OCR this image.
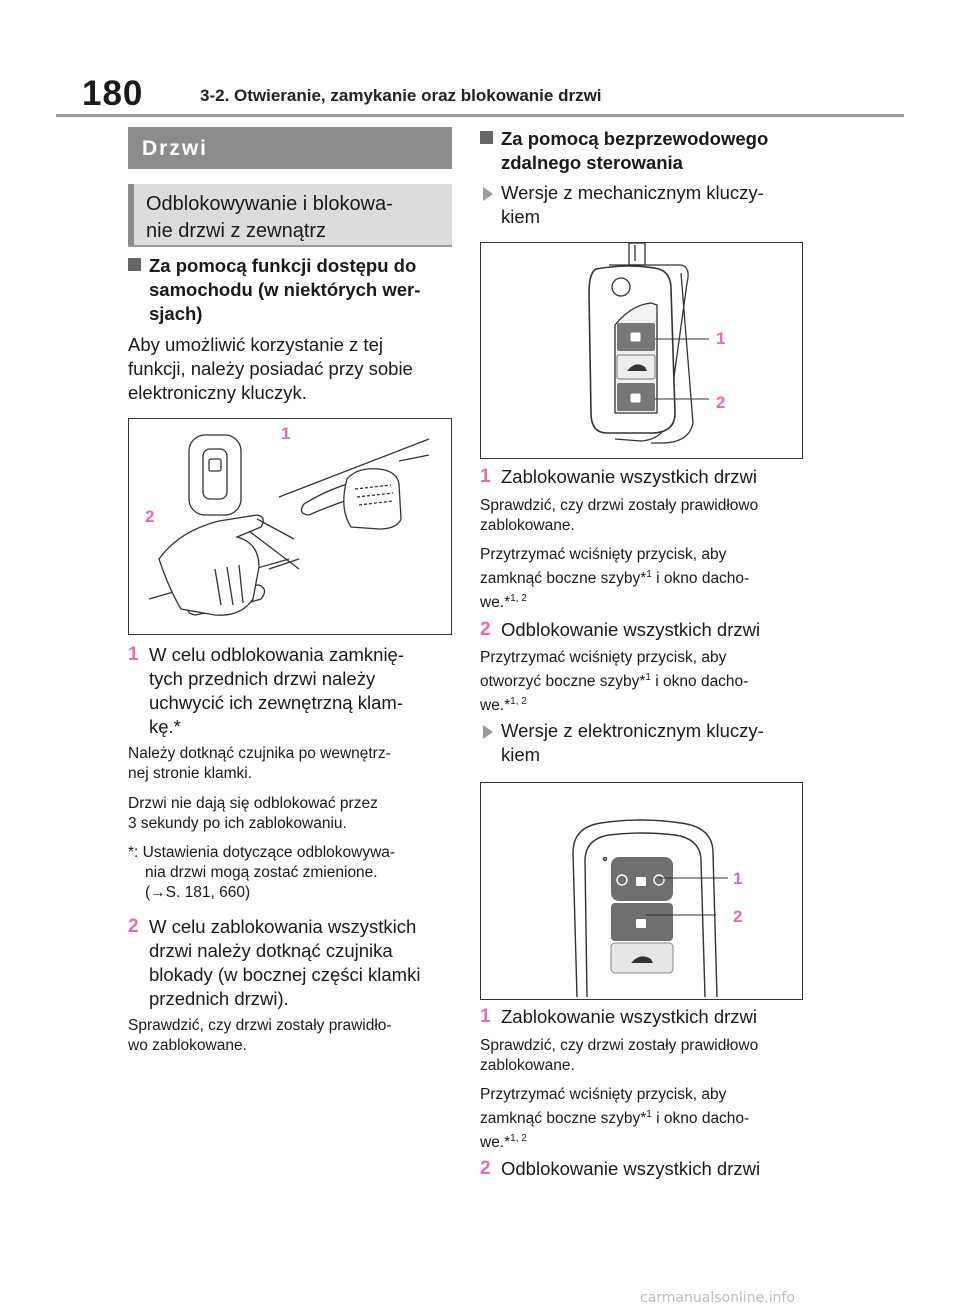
180	3-2. Otwieranie, zamykanie oraz blokowanie drzwi
Drzwi
Odblokowywanie i blokowa-
nie drzwi z zewnątrz
Za pomocą funkcji dostępu do
samochodu (w niektórych wer-
sjach)
Aby umożliwić korzystanie z tej
funkcji, należy posiadać przy sobie
elektroniczny kluczyk.
1
2
1 W celu odblokowania zamknię-
tych przednich drzwi należy
uchwycić ich zewnętrzną klam-
kę.*
Należy dotknąć czujnika po wewnętrz-
nej stronie klamki.
Drzwi nie dają się odblokować przez
3 sekundy po ich zablokowaniu.
*: Ustawienia dotyczące odblokowywa-
nia drzwi mogą zostać zmienione.
(→S. 181, 660)
2 W celu zablokowania wszystkich
drzwi należy dotknąć czujnika
blokady (w bocznej części klamki
przednich drzwi).
Sprawdzić, czy drzwi zostały prawidło-
wo zablokowane.
Za pomocą bezprzewodowego
zdalnego sterowania
Wersje z mechanicznym kluczy-
kiem
1
2
1 Zablokowanie wszystkich drzwi
Sprawdzić, czy drzwi zostały prawidłowo
zablokowane.
Przytrzymać wciśnięty przycisk, aby
zamknąć boczne szyby*$^1$ i okno dacho-
we.*$^{1, 2}$
2 Odblokowanie wszystkich drzwi
Przytrzymać wciśnięty przycisk, aby
otworzyć boczne szyby*$^1$ i okno dacho-
we.*$^{1, 2}$
Wersje z elektronicznym kluczy-
kiem
1
2
1 Zablokowanie wszystkich drzwi
Sprawdzić, czy drzwi zostały prawidłowo
zablokowane.
Przytrzymać wciśnięty przycisk, aby
zamknąć boczne szyby*$^1$ i okno dacho-
we.*$^{1, 2}$
2 Odblokowanie wszystkich drzwi
carmanualsonline.info
